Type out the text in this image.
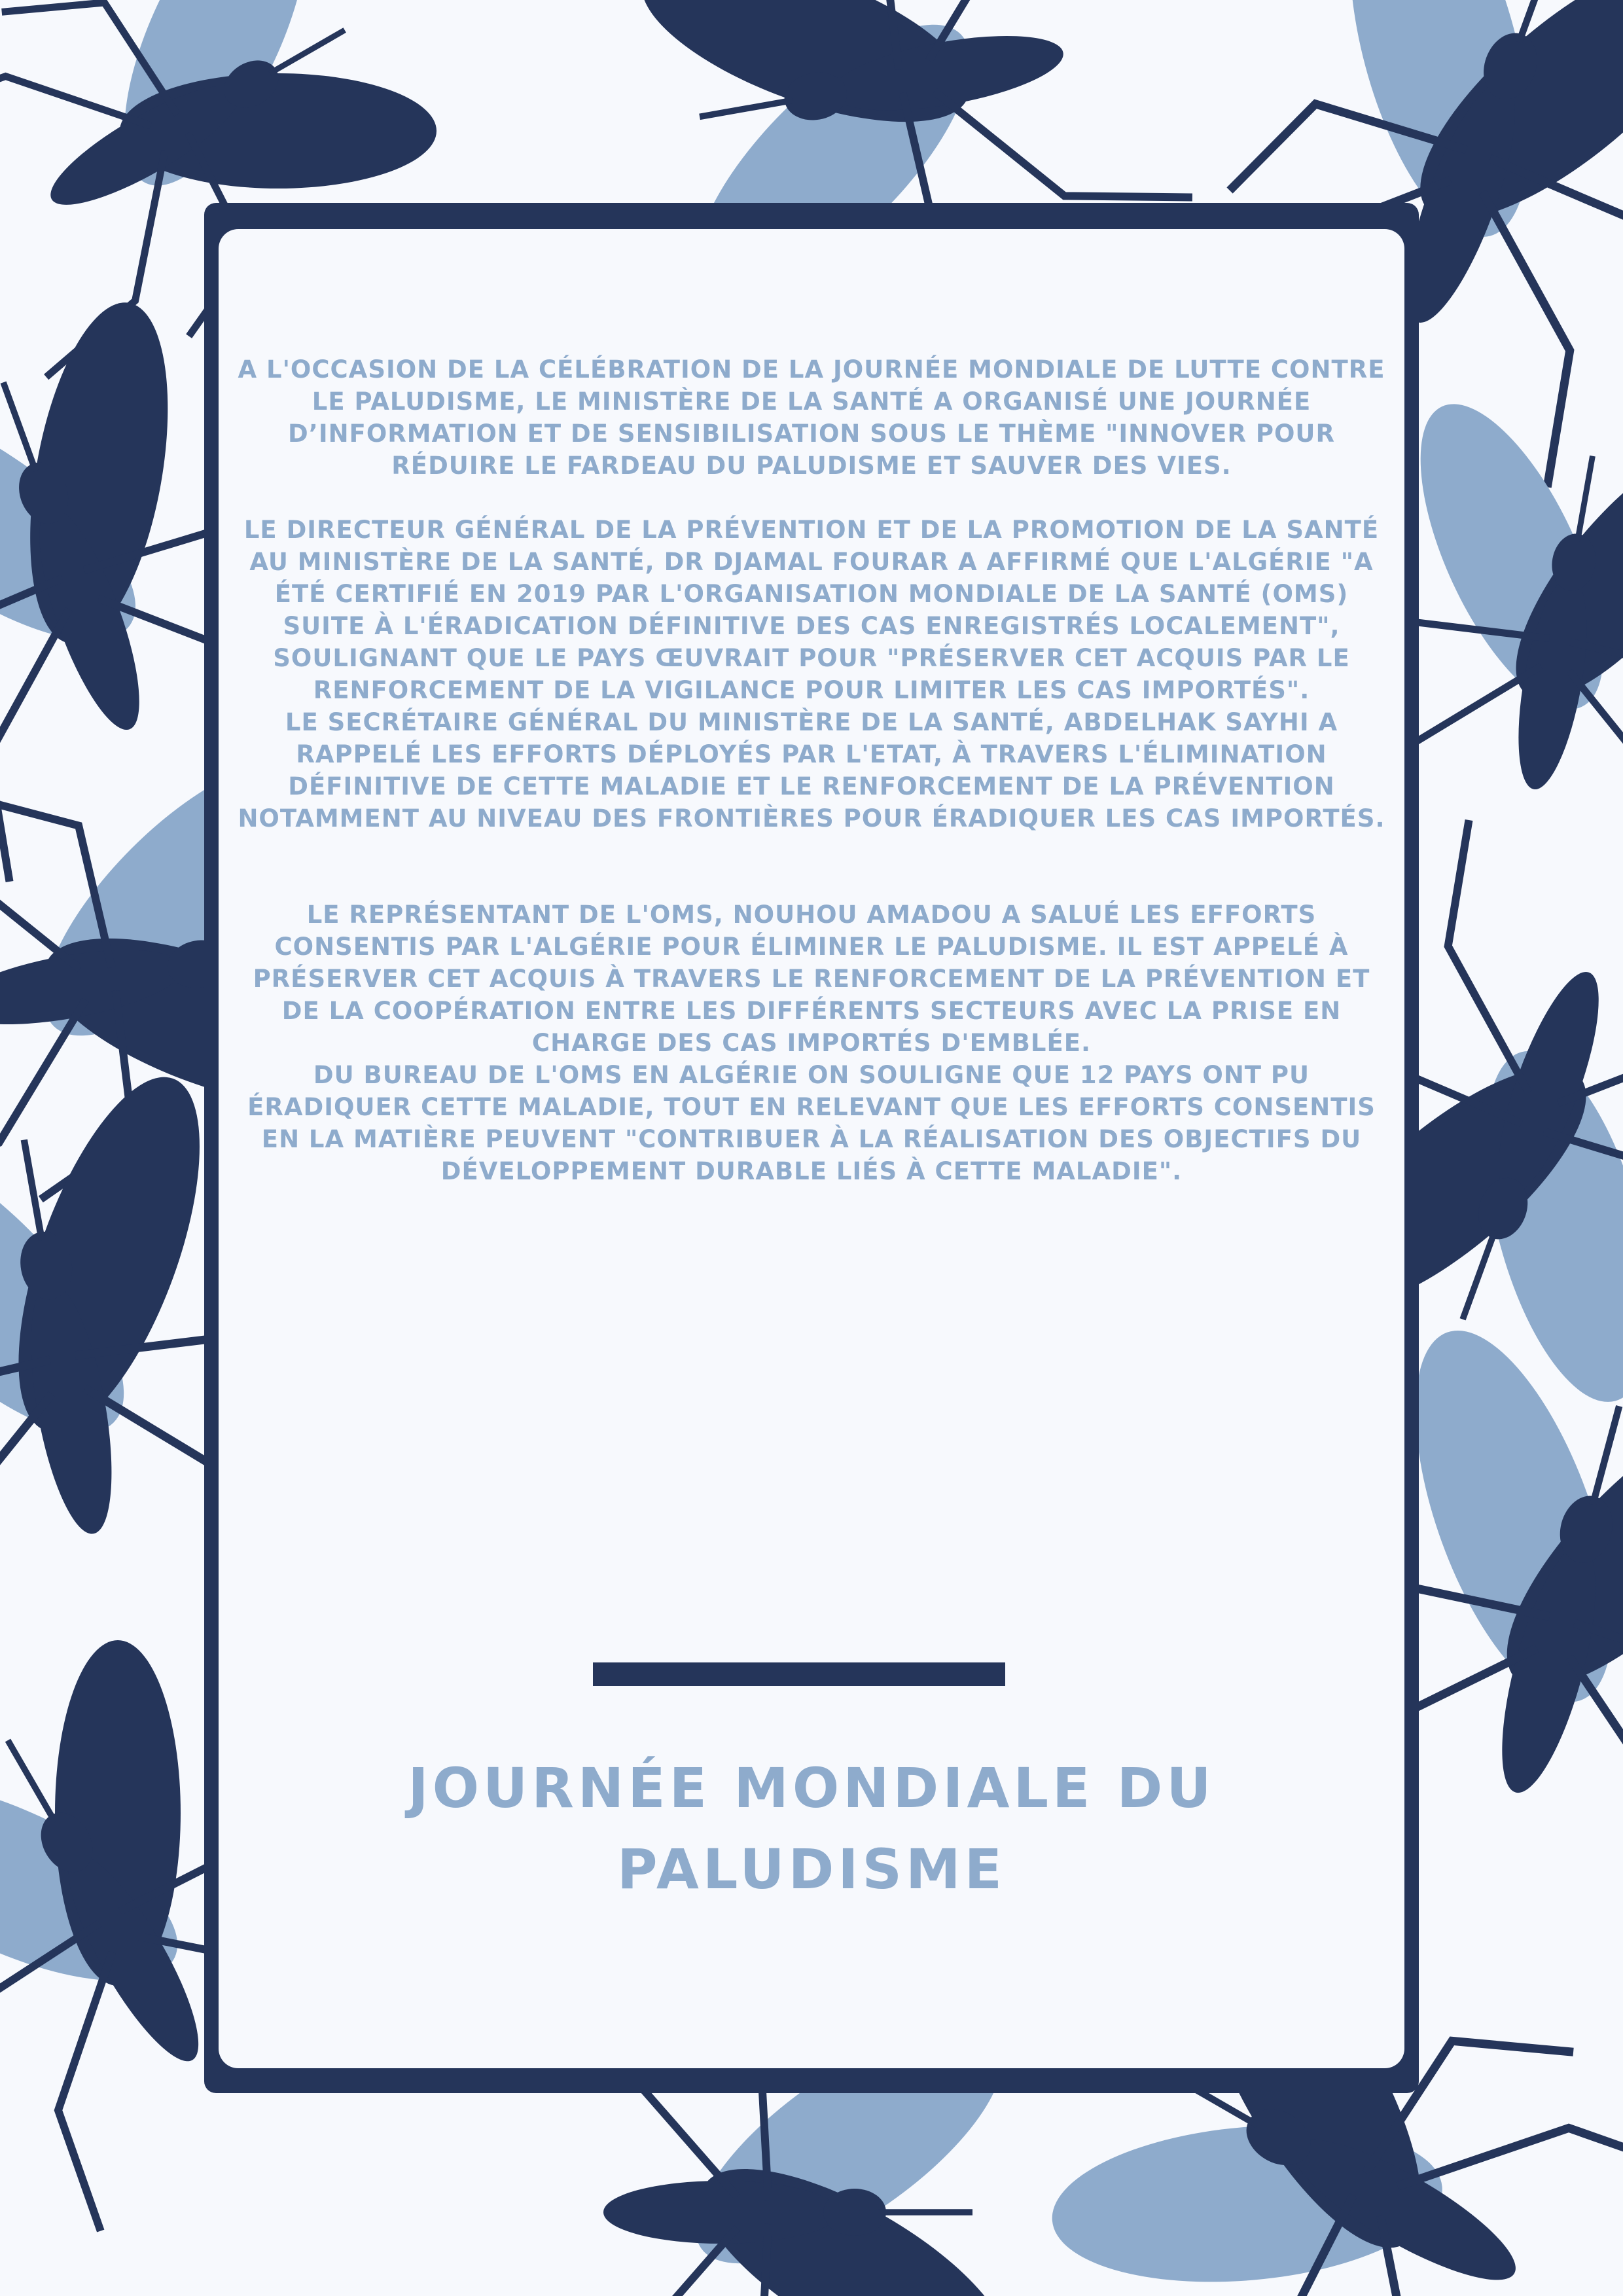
A L'OCCASION DE LA CÉLÉBRATION DE LA JOURNÉE MONDIALE DE LUTTE CONTRE LE PALUDISME, LE MINISTÈRE DE LA SANTÉ A ORGANISÉ UNE JOURNÉE D’INFORMATION ET DE SENSIBILISATION SOUS LE THÈME "INNOVER POUR RÉDUIRE LE FARDEAU DU PALUDISME ET SAUVER DES VIES.

LE DIRECTEUR GÉNÉRAL DE LA PRÉVENTION ET DE LA PROMOTION DE LA SANTÉ AU MINISTÈRE DE LA SANTÉ, DR DJAMAL FOURAR A AFFIRMÉ QUE L'ALGÉRIE "A ÉTÉ CERTIFIÉ EN 2019 PAR L'ORGANISATION MONDIALE DE LA SANTÉ (OMS) SUITE À L'ÉRADICATION DÉFINITIVE DES CAS ENREGISTRÉS LOCALEMENT", SOULIGNANT QUE LE PAYS ŒUVRAIT POUR "PRÉSERVER CET ACQUIS PAR LE RENFORCEMENT DE LA VIGILANCE POUR LIMITER LES CAS IMPORTÉS".

LE SECRÉTAIRE GÉNÉRAL DU MINISTÈRE DE LA SANTÉ, ABDELHAK SAYHI A RAPPELÉ LES EFFORTS DÉPLOYÉS PAR L'ETAT, À TRAVERS L'ÉLIMINATION DÉFINITIVE DE CETTE MALADIE ET LE RENFORCEMENT DE LA PRÉVENTION NOTAMMENT AU NIVEAU DES FRONTIÈRES POUR ÉRADIQUER LES CAS IMPORTÉS.

LE REPRÉSENTANT DE L'OMS, NOUHOU AMADOU A SALUÉ LES EFFORTS CONSENTIS PAR L'ALGÉRIE POUR ÉLIMINER LE PALUDISME. IL EST APPELÉ À PRÉSERVER CET ACQUIS À TRAVERS LE RENFORCEMENT DE LA PRÉVENTION ET DE LA COOPÉRATION ENTRE LES DIFFÉRENTS SECTEURS AVEC LA PRISE EN CHARGE DES CAS IMPORTÉS D'EMBLÉE.

DU BUREAU DE L'OMS EN ALGÉRIE ON SOULIGNE QUE 12 PAYS ONT PU ÉRADIQUER CETTE MALADIE, TOUT EN RELEVANT QUE LES EFFORTS CONSENTIS EN LA MATIÈRE PEUVENT "CONTRIBUER À LA RÉALISATION DES OBJECTIFS DU DÉVELOPPEMENT DURABLE LIÉS À CETTE MALADIE".

JOURNÉE MONDIALE DU
PALUDISME
